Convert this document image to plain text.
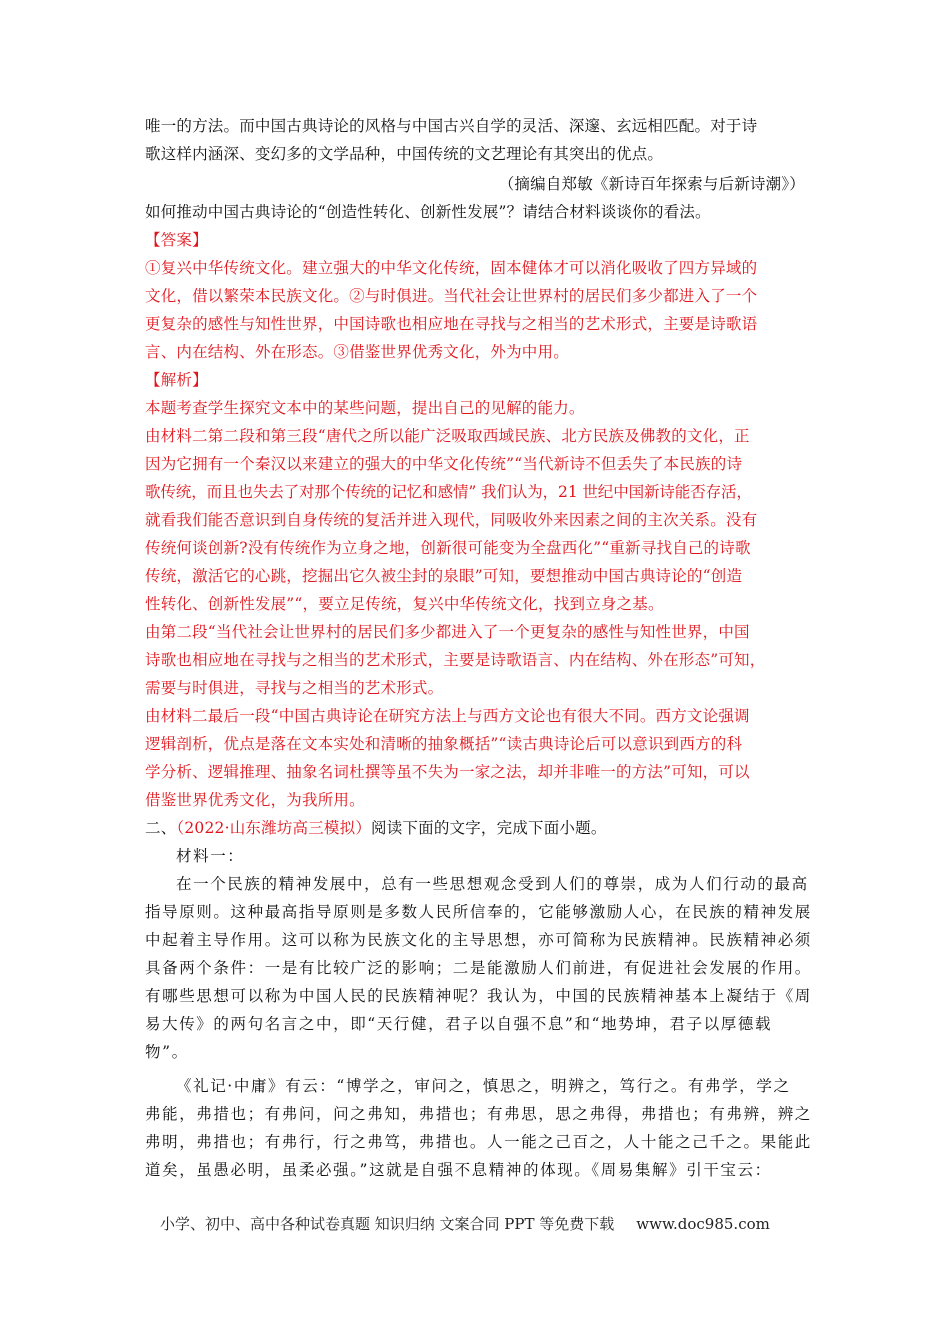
唯一的方法。而中国古典诗论的风格与中国古兴自学的灵活、深邃、玄远相匹配。对于诗
歌这样内涵深、变幻多的文学品种，中国传统的文艺理论有其突出的优点。
（摘编自郑敏《新诗百年探索与后新诗潮》）
如何推动中国古典诗论的“创造性转化、创新性发展”？请结合材料谈谈你的看法。
【答案】
①复兴中华传统文化。建立强大的中华文化传统，固本健体才可以消化吸收了四方异域的
文化，借以繁荣本民族文化。②与时俱进。当代社会让世界村的居民们多少都进入了一个
更复杂的感性与知性世界，中国诗歌也相应地在寻找与之相当的艺术形式，主要是诗歌语
言、内在结构、外在形态。③借鉴世界优秀文化，外为中用。
【解析】
本题考查学生探究文本中的某些问题，提出自己的见解的能力。
由材料二第二段和第三段“唐代之所以能广泛吸取西域民族、北方民族及佛教的文化，正
因为它拥有一个秦汉以来建立的强大的中华文化传统”“当代新诗不但丢失了本民族的诗
歌传统，而且也失去了对那个传统的记忆和感情” 我们认为，21 世纪中国新诗能否存活，
就看我们能否意识到自身传统的复活并进入现代，同吸收外来因素之间的主次关系。没有
传统何谈创新?没有传统作为立身之地，创新很可能变为全盘西化”“重新寻找自己的诗歌
传统，激活它的心跳，挖掘出它久被尘封的泉眼”可知，要想推动中国古典诗论的“创造
性转化、创新性发展”“，要立足传统，复兴中华传统文化，找到立身之基。
由第二段“当代社会让世界村的居民们多少都进入了一个更复杂的感性与知性世界，中国
诗歌也相应地在寻找与之相当的艺术形式，主要是诗歌语言、内在结构、外在形态”可知，
需要与时俱进，寻找与之相当的艺术形式。
由材料二最后一段“中国古典诗论在研究方法上与西方文论也有很大不同。西方文论强调
逻辑剖析，优点是落在文本实处和清晰的抽象概括”“读古典诗论后可以意识到西方的科
学分析、逻辑推理、抽象名词杜撰等虽不失为一家之法，却并非唯一的方法”可知，可以
借鉴世界优秀文化，为我所用。
二、（2022·山东潍坊高三模拟）阅读下面的文字，完成下面小题。
材料一：
在一个民族的精神发展中，总有一些思想观念受到人们的尊崇，成为人们行动的最高
指导原则。这种最高指导原则是多数人民所信奉的，它能够激励人心，在民族的精神发展
中起着主导作用。这可以称为民族文化的主导思想，亦可简称为民族精神。民族精神必须
具备两个条件：一是有比较广泛的影响；二是能激励人们前进，有促进社会发展的作用。
有哪些思想可以称为中国人民的民族精神呢？我认为，中国的民族精神基本上凝结于《周
易大传》的两句名言之中，即“天行健，君子以自强不息”和“地势坤，君子以厚德载
物”。
《礼记·中庸》有云：“博学之，审问之，慎思之，明辨之，笃行之。有弗学，学之
弗能，弗措也；有弗问，问之弗知，弗措也；有弗思，思之弗得，弗措也；有弗辨，辨之
弗明，弗措也；有弗行，行之弗笃，弗措也。人一能之己百之，人十能之己千之。果能此
道矣，虽愚必明，虽柔必强。”这就是自强不息精神的体现。《周易集解》引干宝云：
小学、初中、高中各种试卷真题 知识归纳 文案合同 PPT 等免费下载 www.doc985.com
